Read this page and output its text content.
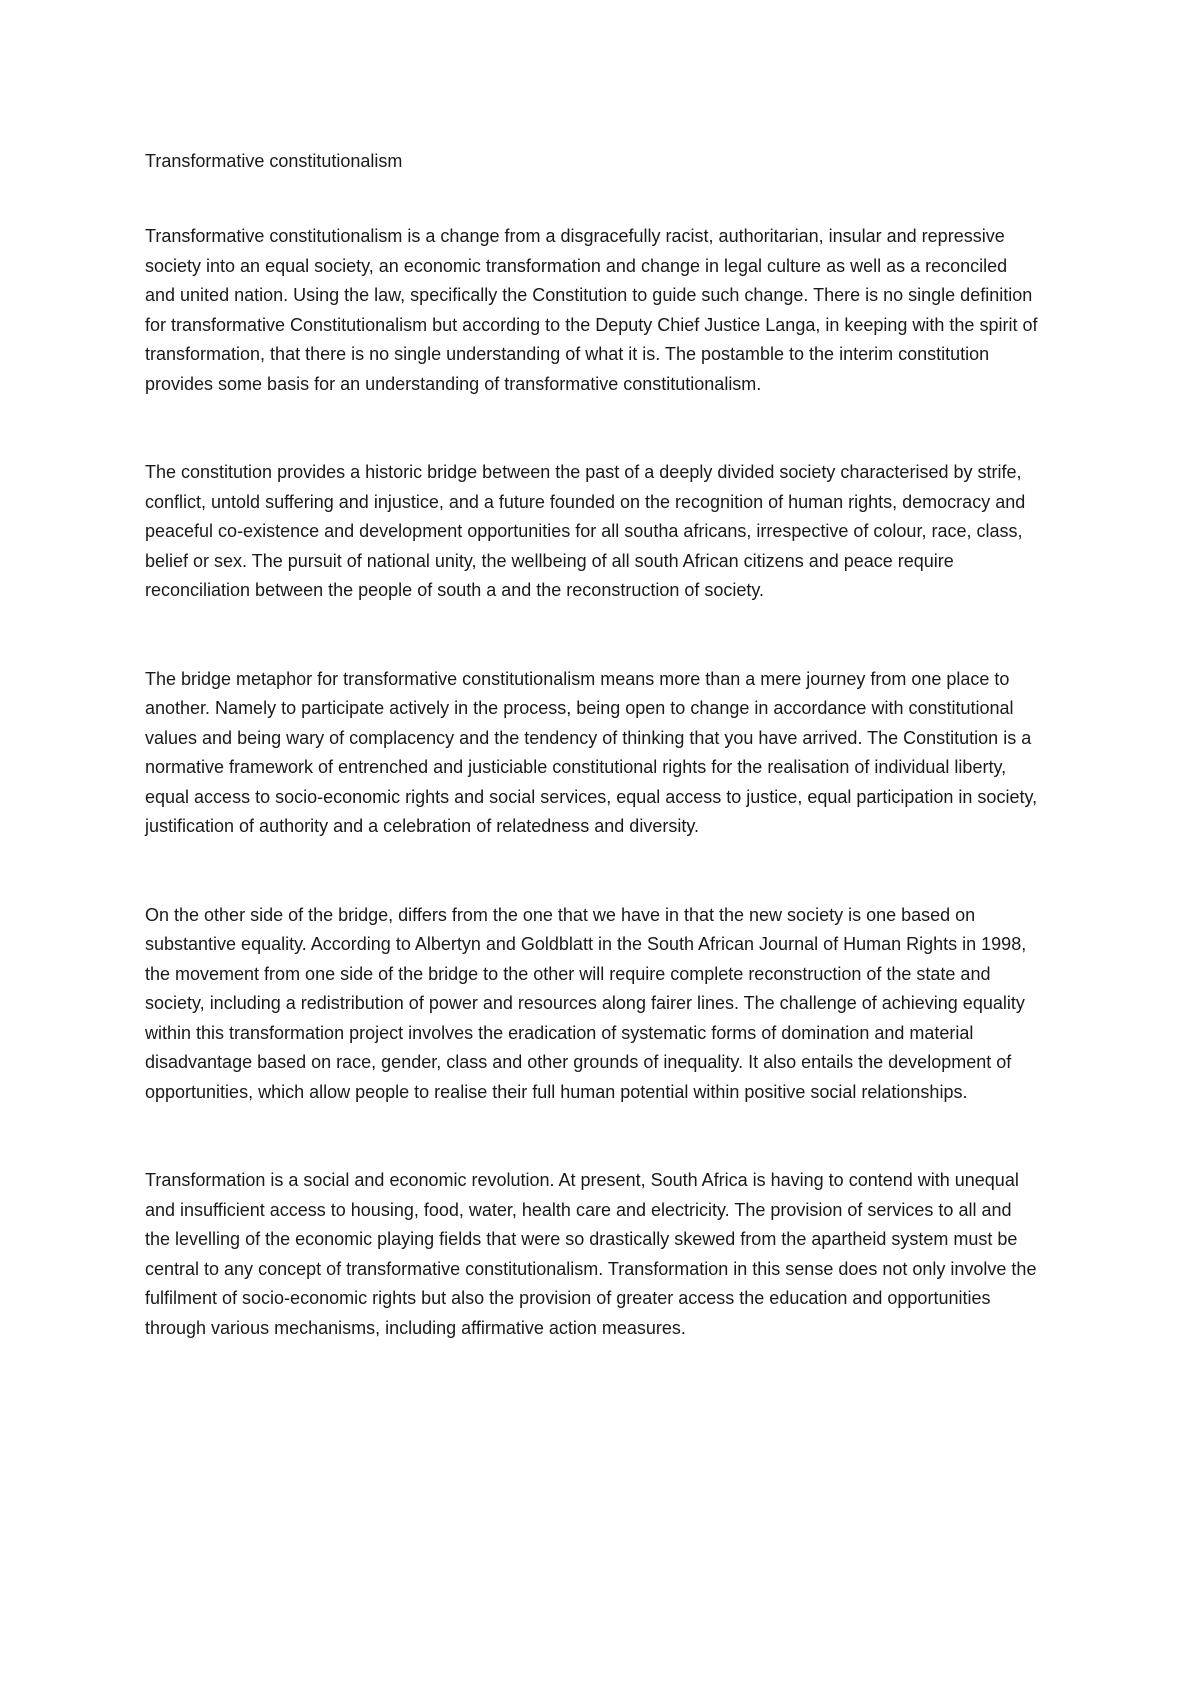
Transformative constitutionalism

Transformative constitutionalism is a change from a disgracefully racist, authoritarian, insular and repressive society into an equal society, an economic transformation and change in legal culture as well as a reconciled and united nation. Using the law, specifically the Constitution to guide such change. There is no single definition for transformative Constitutionalism but according to the Deputy Chief Justice Langa, in keeping with the spirit of transformation, that there is no single understanding of what it is. The postamble to the interim constitution provides some basis for an understanding of transformative constitutionalism.

The constitution provides a historic bridge between the past of a deeply divided society characterised by strife, conflict, untold suffering and injustice, and a future founded on the recognition of human rights, democracy and peaceful co-existence and development opportunities for all southa africans, irrespective of colour, race, class, belief or sex. The pursuit of national unity, the wellbeing of all south African citizens and peace require reconciliation between the people of south a and the reconstruction of society.

The bridge metaphor for transformative constitutionalism means more than a mere journey from one place to another. Namely to participate actively in the process, being open to change in accordance with constitutional values and being wary of complacency and the tendency of thinking that you have arrived. The Constitution is a normative framework of entrenched and justiciable constitutional rights for the realisation of individual liberty, equal access to socio-economic rights and social services, equal access to justice, equal participation in society, justification of authority and a celebration of relatedness and diversity.

On the other side of the bridge, differs from the one that we have in that the new society is one based on substantive equality. According to Albertyn and Goldblatt in the South African Journal of Human Rights in 1998, the movement from one side of the bridge to the other will require complete reconstruction of the state and society, including a redistribution of power and resources along fairer lines. The challenge of achieving equality within this transformation project involves the eradication of systematic forms of domination and material disadvantage based on race, gender, class and other grounds of inequality. It also entails the development of opportunities, which allow people to realise their full human potential within positive social relationships.

Transformation is a social and economic revolution. At present, South Africa is having to contend with unequal and insufficient access to housing, food, water, health care and electricity. The provision of services to all and the levelling of the economic playing fields that were so drastically skewed from the apartheid system must be central to any concept of transformative constitutionalism. Transformation in this sense does not only involve the fulfilment of socio-economic rights but also the provision of greater access the education and opportunities through various mechanisms, including affirmative action measures.
